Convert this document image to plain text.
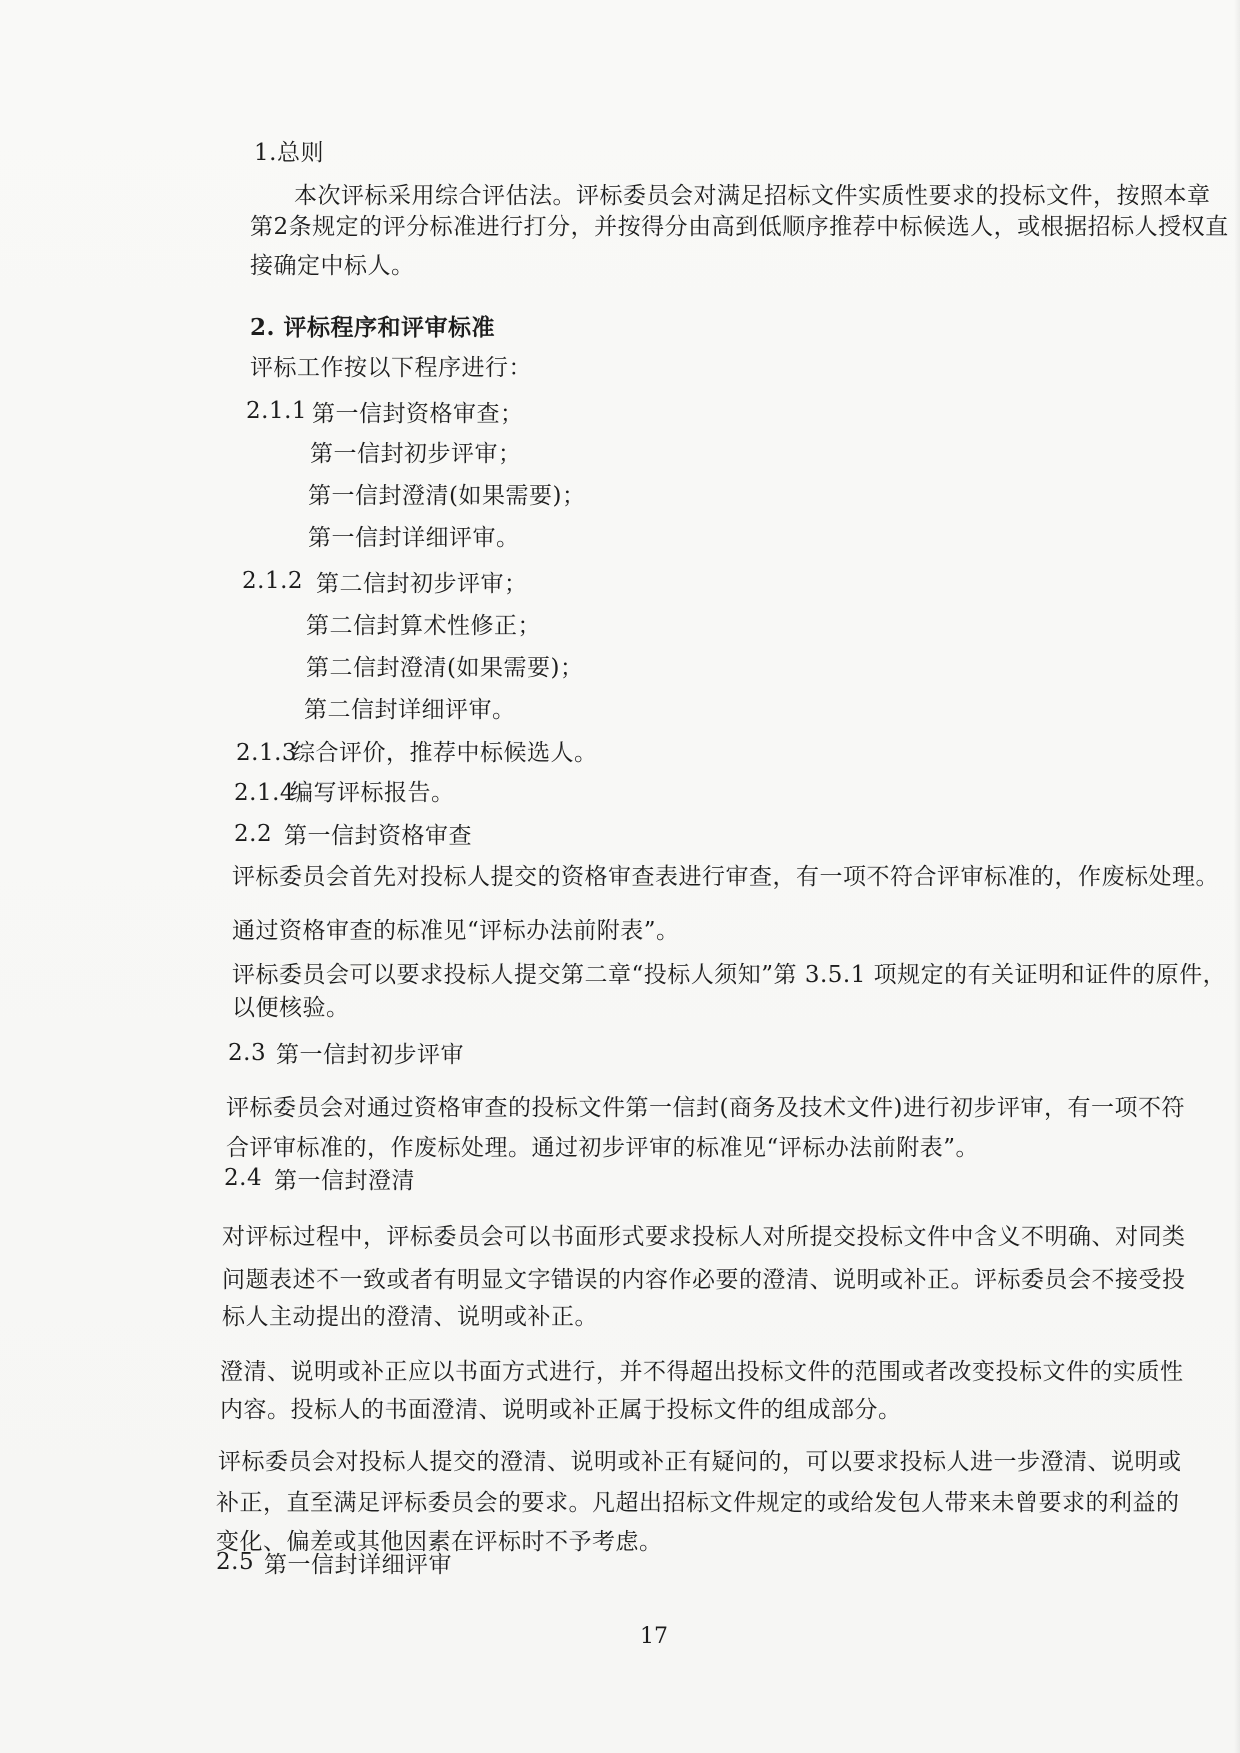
1.总则
本次评标采用综合评估法。评标委员会对满足招标文件实质性要求的投标文件，按照本章
第2条规定的评分标准进行打分，并按得分由高到低顺序推荐中标候选人，或根据招标人授权直
接确定中标人。
2. 评标程序和评审标准
评标工作按以下程序进行：
2.1.1 第一信封资格审查；
第一信封初步评审；
第一信封澄清(如果需要)；
第一信封详细评审。
2.1.2 第二信封初步评审；
第二信封算术性修正；
第二信封澄清(如果需要)；
第二信封详细评审。
2.1.3
综合评价，推荐中标候选人。
2.1.4
编写评标报告。
2.2 第一信封资格审查
评标委员会首先对投标人提交的资格审查表进行审查，有一项不符合评审标准的，作废标处理。
通过资格审查的标准见“评标办法前附表”。
评标委员会可以要求投标人提交第二章“投标人须知”第 3.5.1 项规定的有关证明和证件的原件，
以便核验。
2.3 第一信封初步评审
评标委员会对通过资格审查的投标文件第一信封(商务及技术文件)进行初步评审，有一项不符
合评审标准的，作废标处理。通过初步评审的标准见“评标办法前附表”。
2.4 第一信封澄清
对评标过程中，评标委员会可以书面形式要求投标人对所提交投标文件中含义不明确、对同类
问题表述不一致或者有明显文字错误的内容作必要的澄清、说明或补正。评标委员会不接受投
标人主动提出的澄清、说明或补正。
澄清、说明或补正应以书面方式进行，并不得超出投标文件的范围或者改变投标文件的实质性
内容。投标人的书面澄清、说明或补正属于投标文件的组成部分。
评标委员会对投标人提交的澄清、说明或补正有疑问的，可以要求投标人进一步澄清、说明或
补正，直至满足评标委员会的要求。凡超出招标文件规定的或给发包人带来未曾要求的利益的
变化、偏差或其他因素在评标时不予考虑。
2.5 第一信封详细评审
17
